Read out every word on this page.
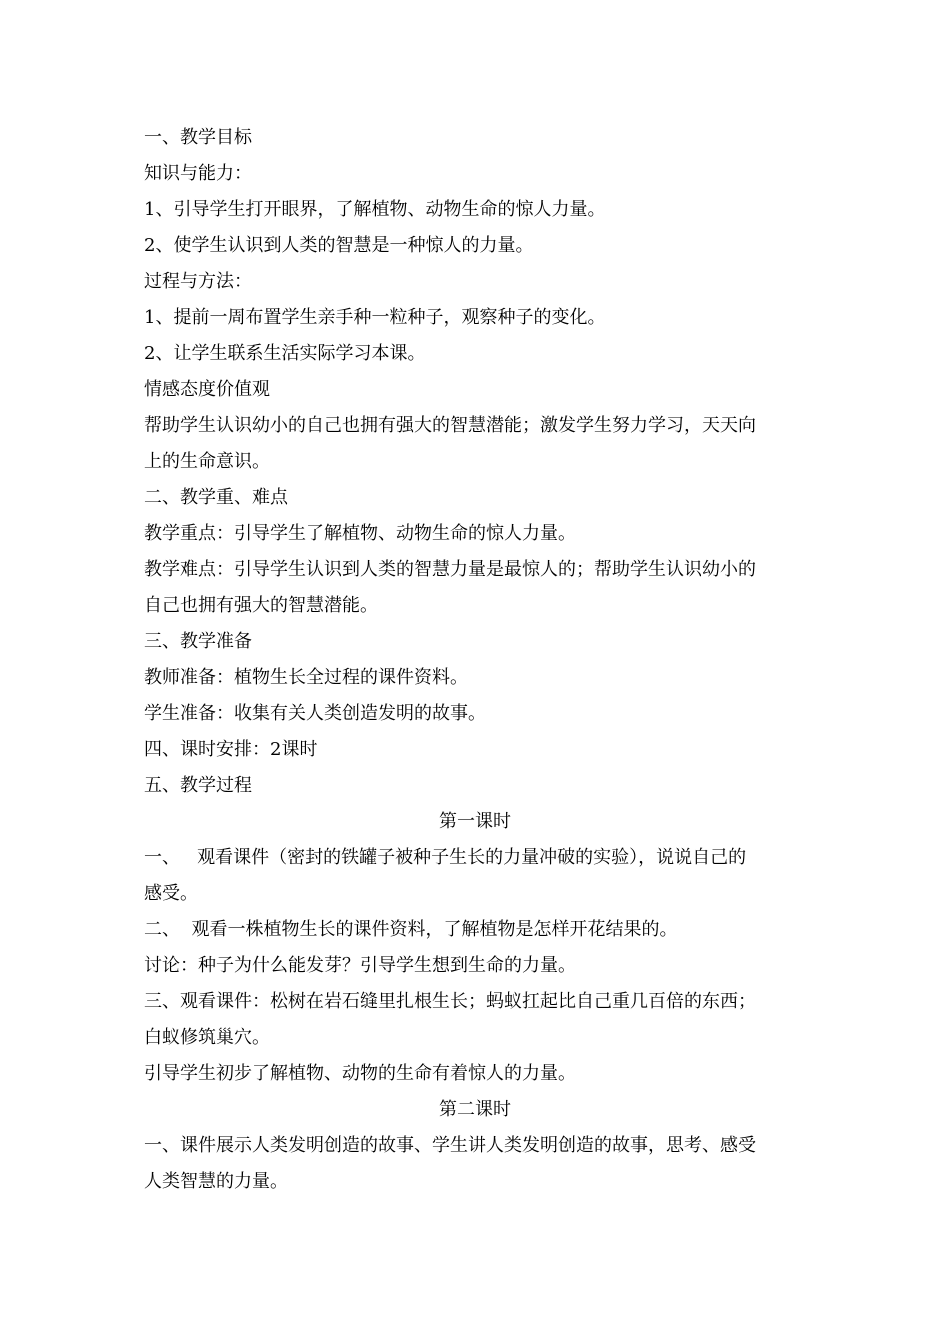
一、教学目标
知识与能力：
1、引导学生打开眼界，了解植物、动物生命的惊人力量。
2、使学生认识到人类的智慧是一种惊人的力量。
过程与方法：
1、提前一周布置学生亲手种一粒种子，观察种子的变化。
2、让学生联系生活实际学习本课。
情感态度价值观
帮助学生认识幼小的自己也拥有强大的智慧潜能；激发学生努力学习，天天向
上的生命意识。
二、教学重、难点
教学重点：引导学生了解植物、动物生命的惊人力量。
教学难点：引导学生认识到人类的智慧力量是最惊人的；帮助学生认识幼小的
自己也拥有强大的智慧潜能。
三、教学准备
教师准备：植物生长全过程的课件资料。
学生准备：收集有关人类创造发明的故事。
四、课时安排：2课时
五、教学过程
第一课时
一、   观看课件（密封的铁罐子被种子生长的力量冲破的实验），说说自己的
感受。
二、  观看一株植物生长的课件资料，了解植物是怎样开花结果的。
讨论：种子为什么能发芽？引导学生想到生命的力量。
三、观看课件：松树在岩石缝里扎根生长；蚂蚁扛起比自己重几百倍的东西；
白蚁修筑巢穴。
引导学生初步了解植物、动物的生命有着惊人的力量。
第二课时
一、课件展示人类发明创造的故事、学生讲人类发明创造的故事，思考、感受
人类智慧的力量。
